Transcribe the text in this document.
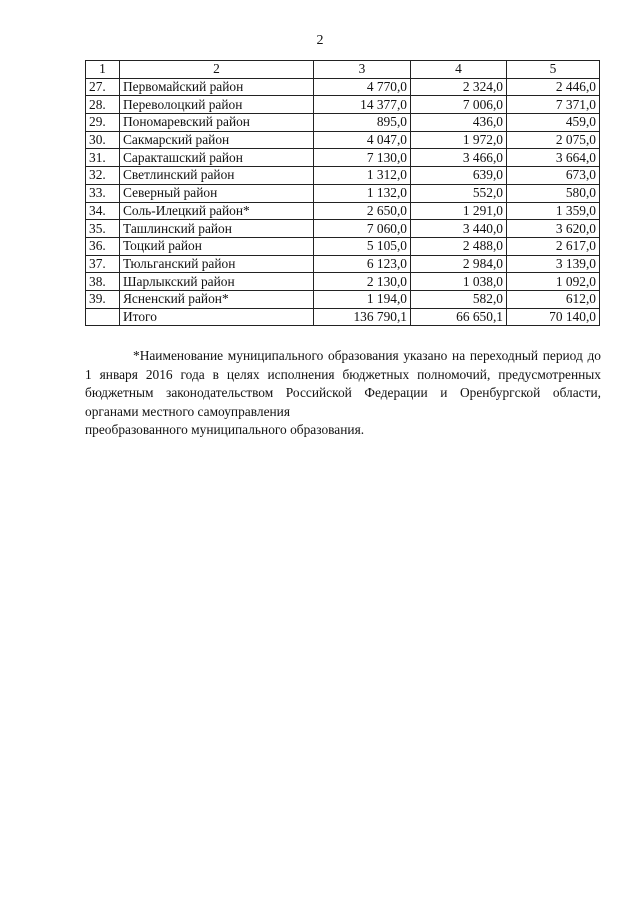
2
1	2	3	4	5
27.	Первомайский район	4 770,0	2 324,0	2 446,0
28.	Переволоцкий район	14 377,0	7 006,0	7 371,0
29.	Пономаревский район	895,0	436,0	459,0
30.	Сакмарский район	4 047,0	1 972,0	2 075,0
31.	Саракташский район	7 130,0	3 466,0	3 664,0
32.	Светлинский район	1 312,0	639,0	673,0
33.	Северный район	1 132,0	552,0	580,0
34.	Соль-Илецкий район*	2 650,0	1 291,0	1 359,0
35.	Ташлинский район	7 060,0	3 440,0	3 620,0
36.	Тоцкий район	5 105,0	2 488,0	2 617,0
37.	Тюльганский район	6 123,0	2 984,0	3 139,0
38.	Шарлыкский район	2 130,0	1 038,0	1 092,0
39.	Ясненский район*	1 194,0	582,0	612,0
	Итого	136 790,1	66 650,1	70 140,0

*Наименование муниципального образования указано на переходный период до 1 января 2016 года в целях исполнения бюджетных полномочий, предусмотренных бюджетным законодательством Российской Федерации и Оренбургской области, органами местного самоуправления

преобразованного муниципального образования.
